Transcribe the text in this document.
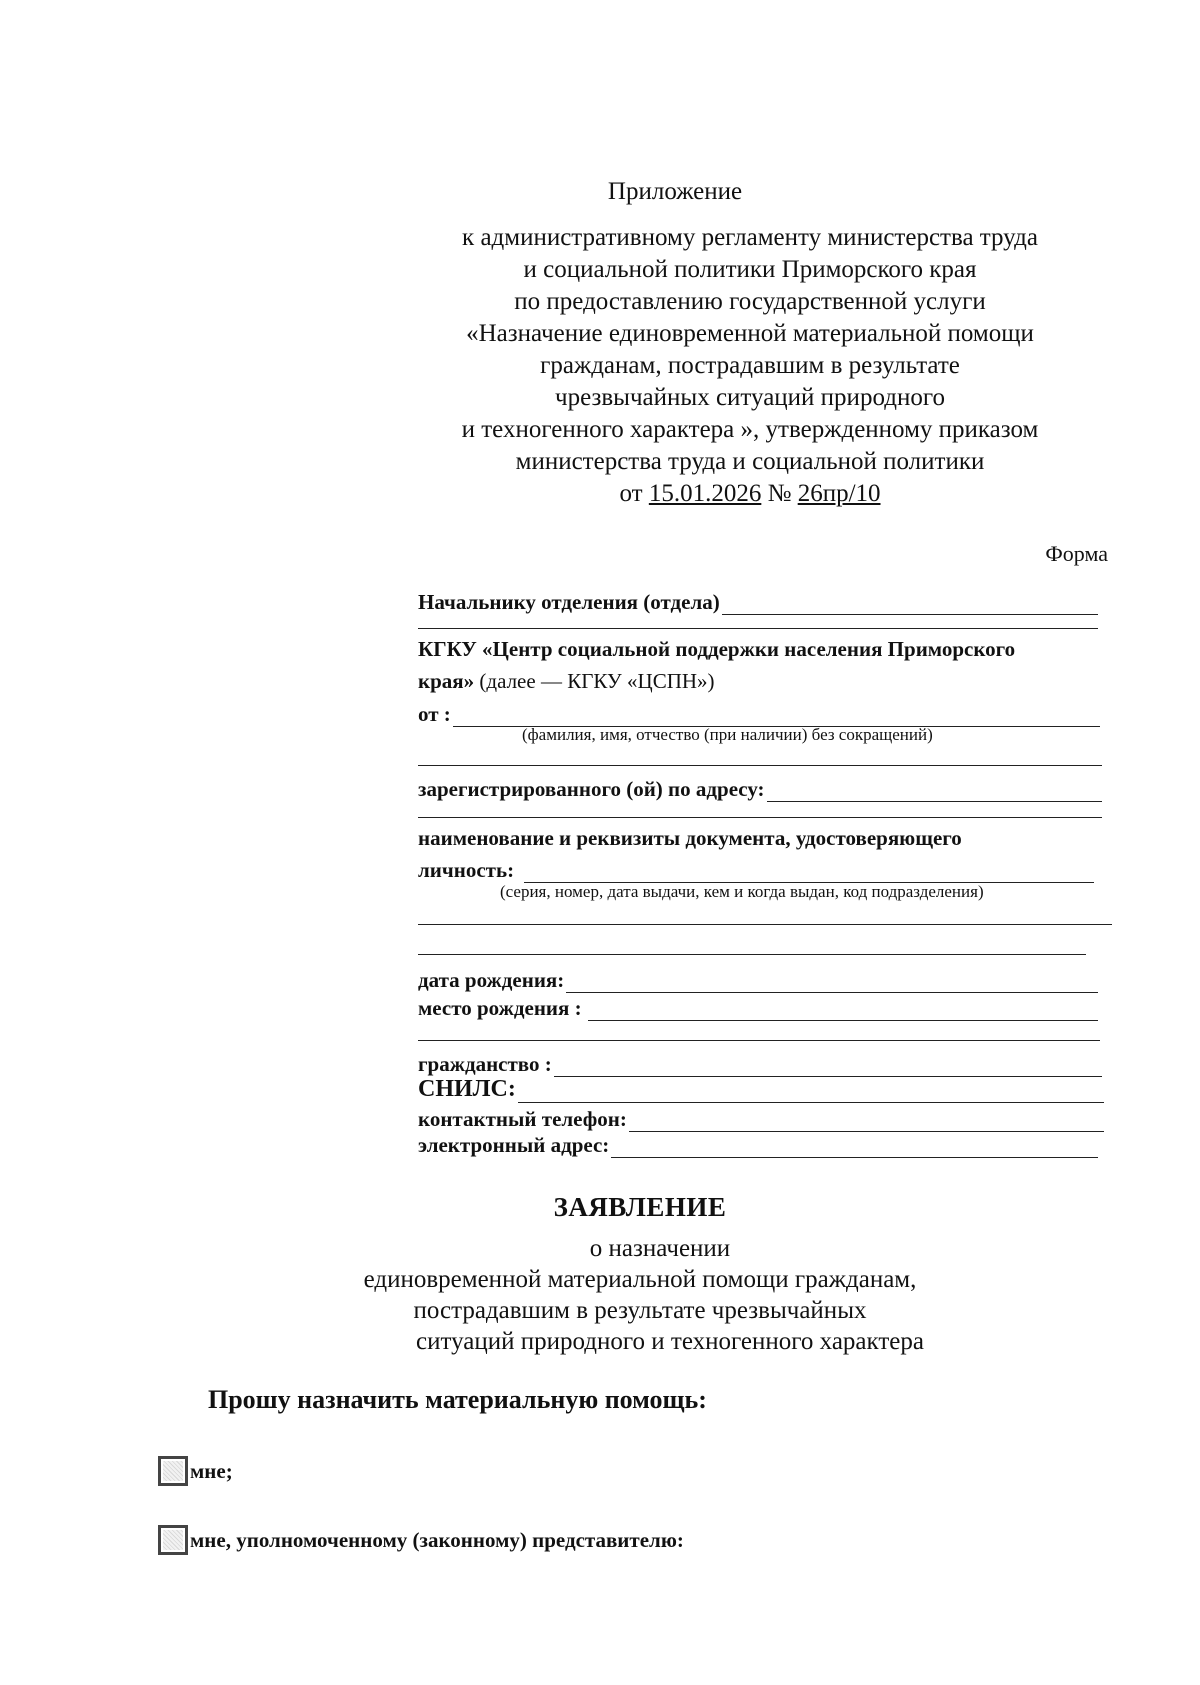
Приложение
к административному регламенту министерства труда
и социальной политики Приморского края
по предоставлению государственной услуги
«Назначение единовременной материальной помощи
гражданам, пострадавшим в результате
чрезвычайных ситуаций природного
и техногенного характера », утвержденному приказом
министерства труда и социальной политики
от 15.01.2026 № 26пр/10
Форма
Начальнику отделения (отдела)
КГКУ «Центр социальной поддержки населения Приморского
края» (далее — КГКУ «ЦСПН»)
от :
(фамилия, имя, отчество (при наличии) без сокращений)
зарегистрированного (ой) по адресу:
наименование и реквизиты документа, удостоверяющего
личность:
(серия, номер, дата выдачи, кем и когда выдан, код подразделения)
дата рождения:
место рождения :
гражданство :
СНИЛС:
контактный телефон:
электронный адрес:
ЗАЯВЛЕНИЕ
о назначении
единовременной материальной помощи гражданам,
пострадавшим в результате чрезвычайных
ситуаций природного и техногенного характера
Прошу назначить материальную помощь:
мне;
мне, уполномоченному (законному) представителю:
